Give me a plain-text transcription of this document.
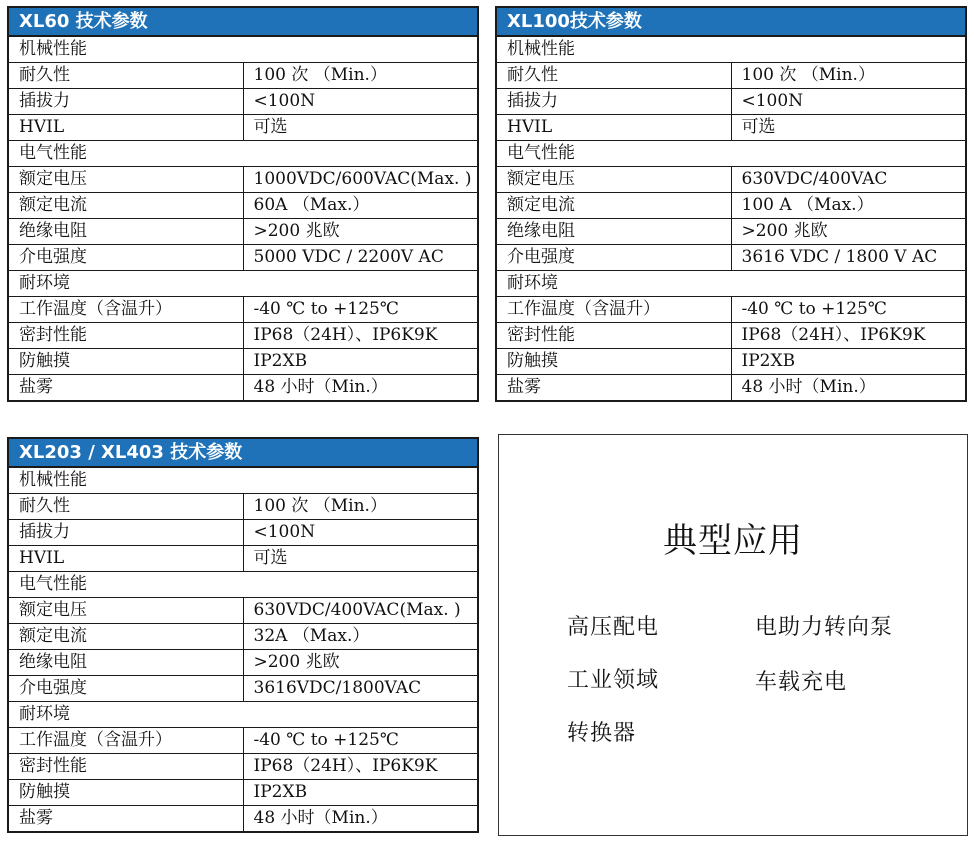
XL60 技术参数
机械性能	
耐久性	100 次 （Min.）
插拔力	<100N
HVIL	可选
电气性能	
额定电压	1000VDC/600VAC(Max. )
额定电流	60A （Max.）
绝缘电阻	>200 兆欧
介电强度	5000 VDC / 2200V AC
耐环境	
工作温度（含温升）	-40 ℃ to +125℃
密封性能	IP68（24H）、IP6K9K
防触摸	IP2XB
盐雾	48 小时（Min.）
XL100技术参数
机械性能	
耐久性	100 次 （Min.）
插拔力	<100N
HVIL	可选
电气性能	
额定电压	630VDC/400VAC
额定电流	100 A （Max.）
绝缘电阻	>200 兆欧
介电强度	3616 VDC / 1800 V AC
耐环境	
工作温度（含温升）	-40 ℃ to +125℃
密封性能	IP68（24H）、IP6K9K
防触摸	IP2XB
盐雾	48 小时（Min.）
XL203 / XL403 技术参数
机械性能	
耐久性	100 次 （Min.）
插拔力	<100N
HVIL	可选
电气性能	
额定电压	630VDC/400VAC(Max. )
额定电流	32A （Max.）
绝缘电阻	>200 兆欧
介电强度	3616VDC/1800VAC
耐环境	
工作温度（含温升）	-40 ℃ to +125℃
密封性能	IP68（24H）、IP6K9K
防触摸	IP2XB
盐雾	48 小时（Min.）
典型应用
高压配电	电助力转向泵
工业领域	车载充电
转换器
